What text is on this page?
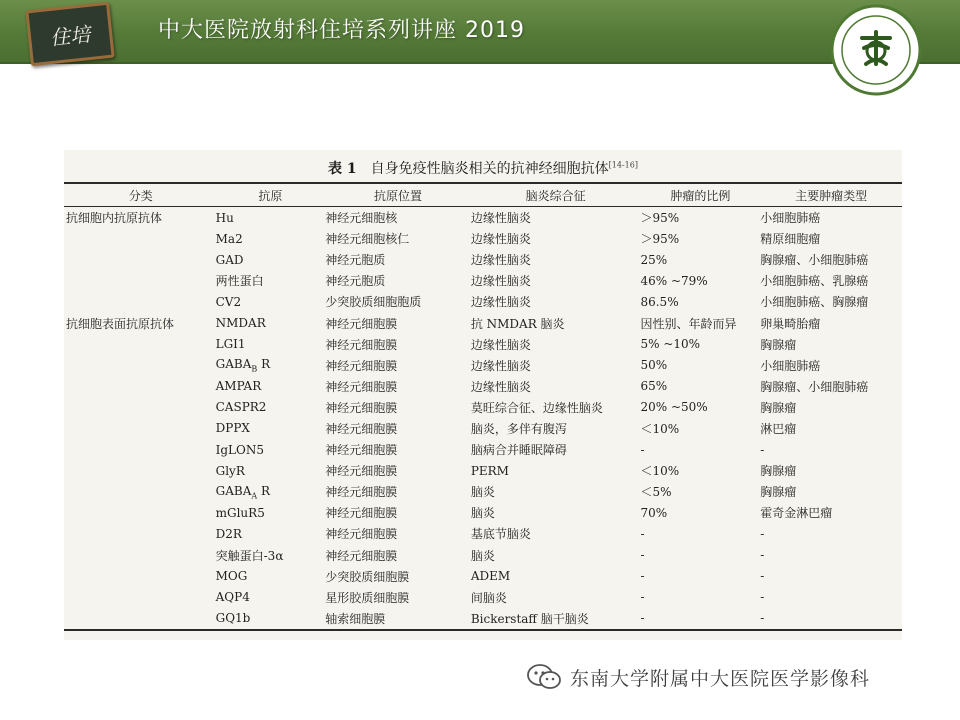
住培	中大医院放射科住培系列讲座 2019
表 1 自身免疫性脑炎相关的抗神经细胞抗体[14-16]
分类	抗原	抗原位置	脑炎综合征	肿瘤的比例	主要肿瘤类型
抗细胞内抗原抗体	Hu	神经元细胞核	边缘性脑炎	＞95%	小细胞肺癌
	Ma2	神经元细胞核仁	边缘性脑炎	＞95%	精原细胞瘤
	GAD	神经元胞质	边缘性脑炎	25%	胸腺瘤、小细胞肺癌
	两性蛋白	神经元胞质	边缘性脑炎	46% ~79%	小细胞肺癌、乳腺癌
	CV2	少突胶质细胞胞质	边缘性脑炎	86.5%	小细胞肺癌、胸腺瘤
抗细胞表面抗原抗体	NMDAR	神经元细胞膜	抗 NMDAR 脑炎	因性别、年龄而异	卵巢畸胎瘤
	LGI1	神经元细胞膜	边缘性脑炎	5% ~10%	胸腺瘤
	$GABA_B$ R	神经元细胞膜	边缘性脑炎	50%	小细胞肺癌
	AMPAR	神经元细胞膜	边缘性脑炎	65%	胸腺瘤、小细胞肺癌
	CASPR2	神经元细胞膜	莫旺综合征、边缘性脑炎	20% ~50%	胸腺瘤
	DPPX	神经元细胞膜	脑炎，多伴有腹泻	＜10%	淋巴瘤
	IgLON5	神经元细胞膜	脑病合并睡眠障碍	-	-
	GlyR	神经元细胞膜	PERM	＜10%	胸腺瘤
	$GABA_A$ R	神经元细胞膜	脑炎	＜5%	胸腺瘤
	mGluR5	神经元细胞膜	脑炎	70%	霍奇金淋巴瘤
	D2R	神经元细胞膜	基底节脑炎	-	-
	突触蛋白-3α	神经元细胞膜	脑炎	-	-
	MOG	少突胶质细胞膜	ADEM	-	-
	AQP4	星形胶质细胞膜	间脑炎	-	-
	GQ1b	轴索细胞膜	Bickerstaff 脑干脑炎	-	-
东南大学附属中大医院医学影像科
